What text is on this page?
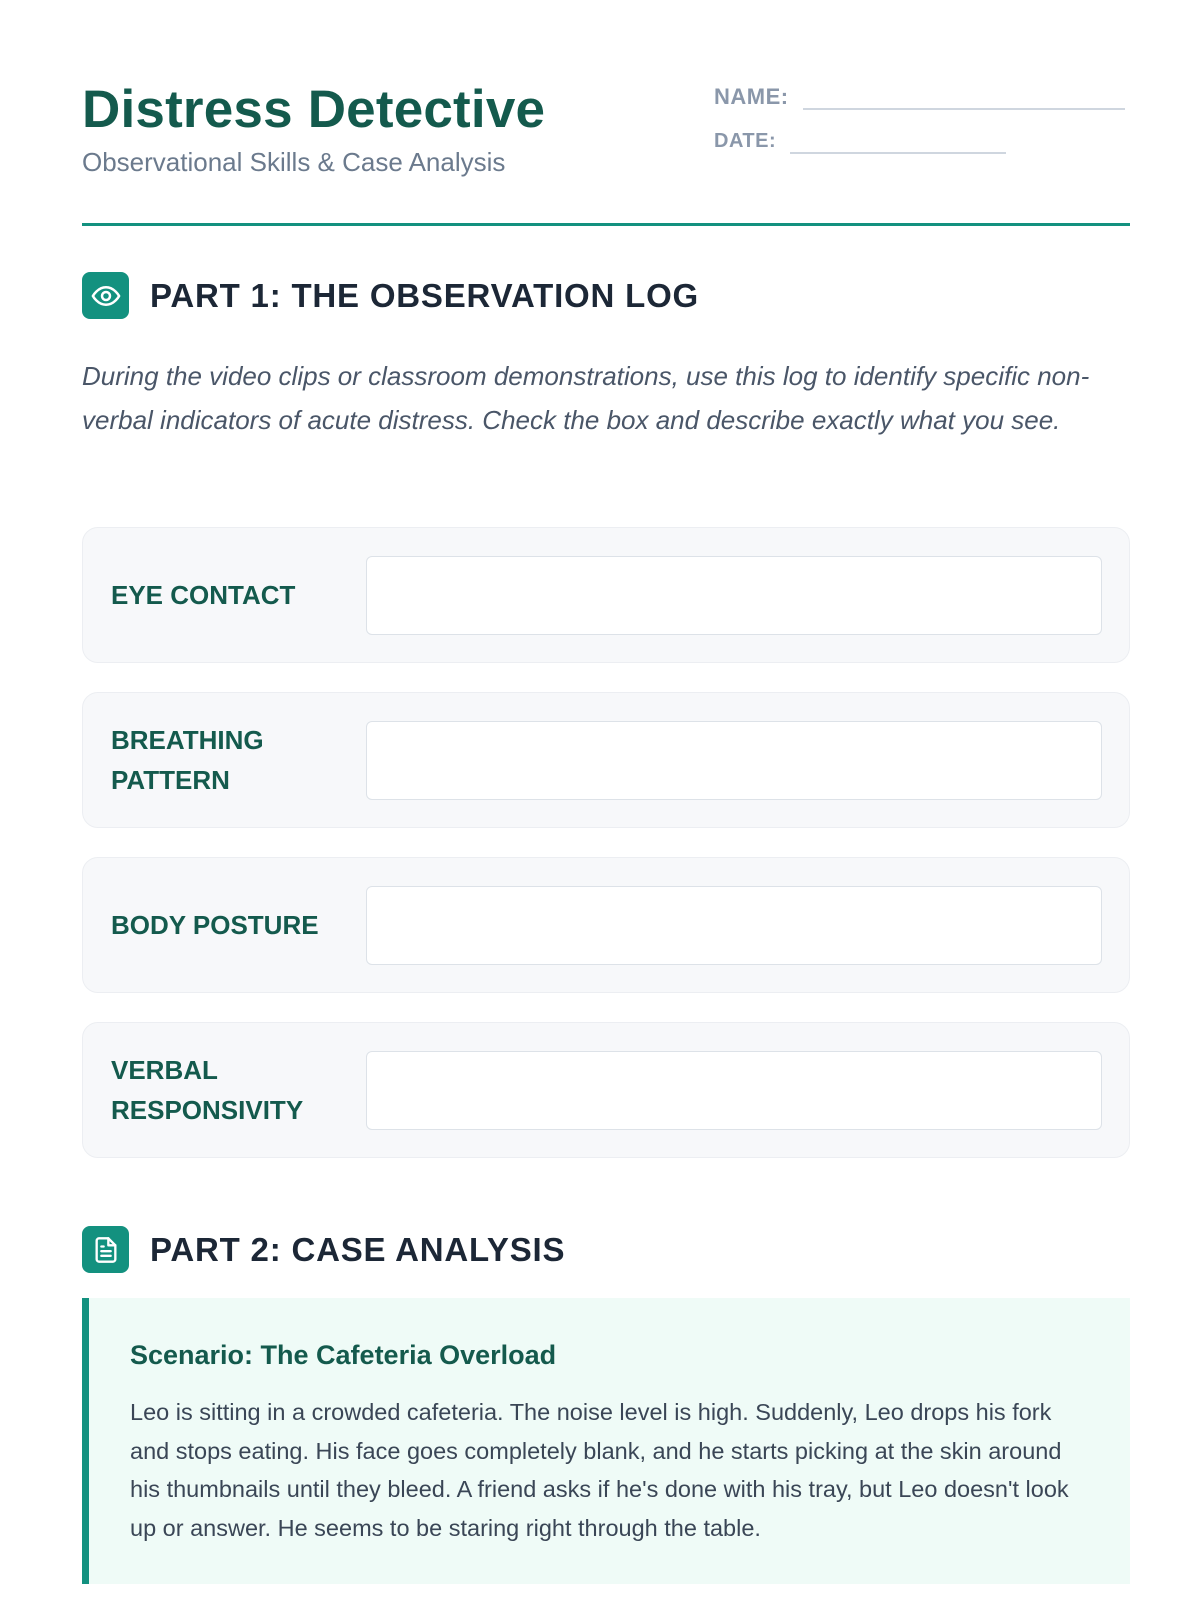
Distress Detective

Observational Skills & Case Analysis

NAME:
DATE:
PART 1: THE OBSERVATION LOG

During the video clips or classroom demonstrations, use this log to identify specific non-verbal indicators of acute distress. Check the box and describe exactly what you see.

EYE CONTACT
BREATHING PATTERN
BODY POSTURE
VERBAL RESPONSIVITY
PART 2: CASE ANALYSIS
Scenario: The Cafeteria Overload

Leo is sitting in a crowded cafeteria. The noise level is high. Suddenly, Leo drops his fork and stops eating. His face goes completely blank, and he starts picking at the skin around his thumbnails until they bleed. A friend asks if he's done with his tray, but Leo doesn't look up or answer. He seems to be staring right through the table.
